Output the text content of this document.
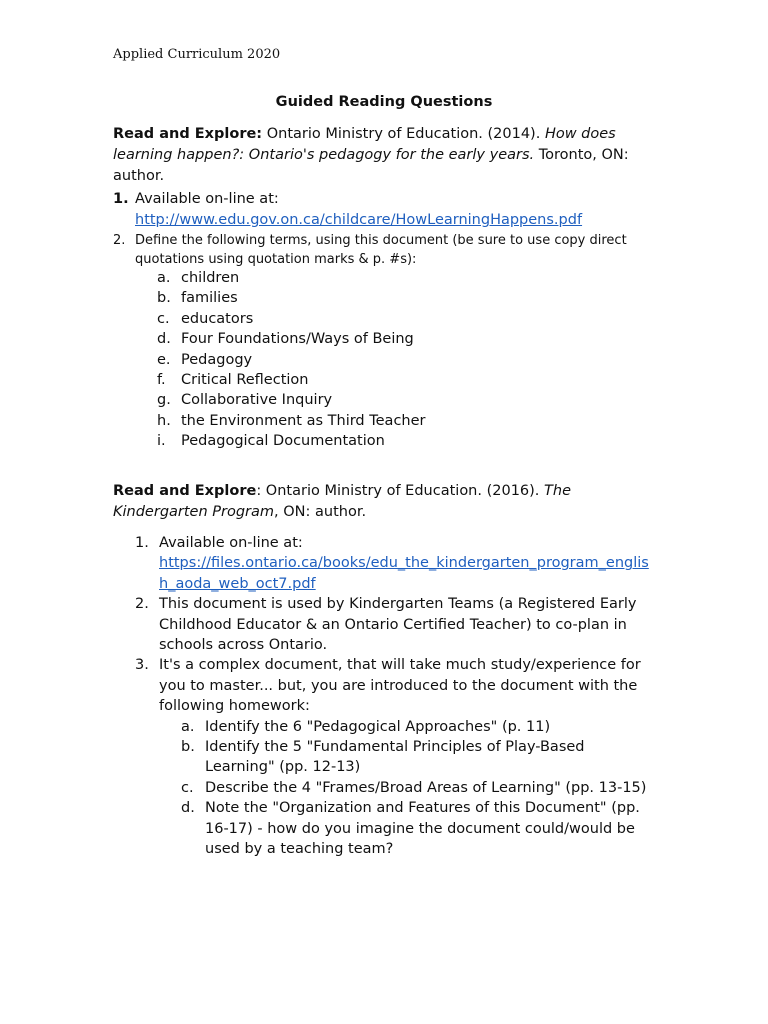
Applied Curriculum 2020
Guided Reading Questions
Read and Explore: Ontario Ministry of Education. (2014). How does learning happen?: Ontario's pedagogy for the early years. Toronto, ON: author.
1. Available on-line at:
http://www.edu.gov.on.ca/childcare/HowLearningHappens.pdf
2. Define the following terms, using this document (be sure to use copy direct quotations using quotation marks & p. #s):
a. children
b. families
c. educators
d. Four Foundations/Ways of Being
e. Pedagogy
f. Critical Reflection
g. Collaborative Inquiry
h. the Environment as Third Teacher
i. Pedagogical Documentation
Read and Explore: Ontario Ministry of Education. (2016). The Kindergarten Program, ON: author.
1. Available on-line at:
https://files.ontario.ca/books/edu_the_kindergarten_program_english_aoda_web_oct7.pdf
2. This document is used by Kindergarten Teams (a Registered Early Childhood Educator & an Ontario Certified Teacher) to co-plan in schools across Ontario.
3. It's a complex document, that will take much study/experience for you to master... but, you are introduced to the document with the following homework:
a. Identify the 6 "Pedagogical Approaches" (p. 11)
b. Identify the 5 "Fundamental Principles of Play-Based Learning" (pp. 12-13)
c. Describe the 4 "Frames/Broad Areas of Learning" (pp. 13-15)
d. Note the "Organization and Features of this Document" (pp. 16-17) - how do you imagine the document could/would be used by a teaching team?
